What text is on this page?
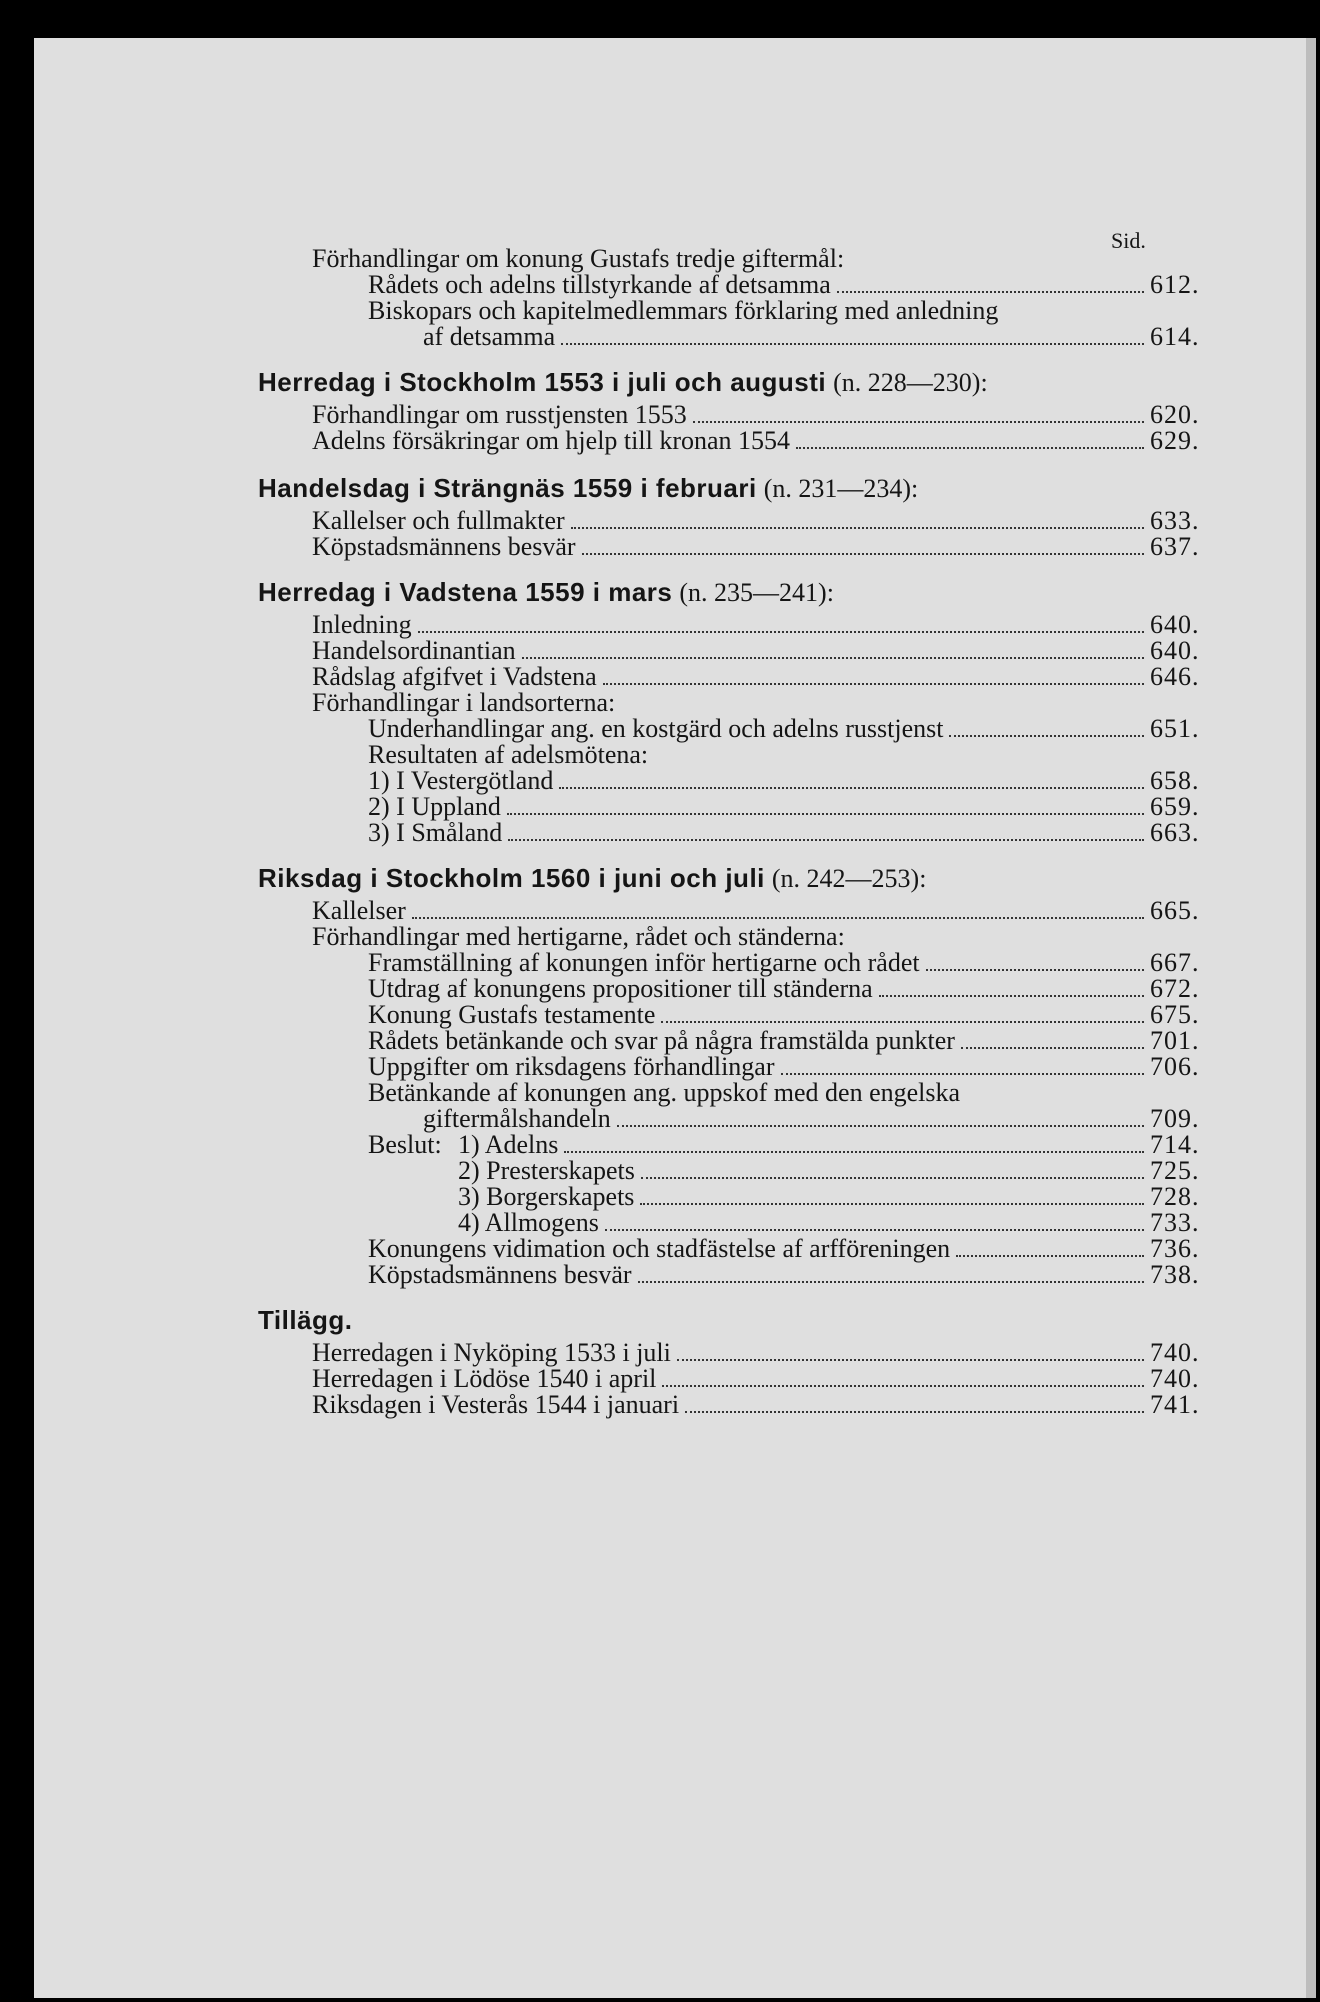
Sid.
Förhandlingar om konung Gustafs tredje giftermål:
Rådets och adelns tillstyrkande af detsamma	612.
Biskopars och kapitelmedlemmars förklaring med anledning
af detsamma	614.
Herredag i Stockholm 1553 i juli och augusti (n. 228—230):
Förhandlingar om russtjensten 1553	620.
Adelns försäkringar om hjelp till kronan 1554	629.
Handelsdag i Strängnäs 1559 i februari (n. 231—234):
Kallelser och fullmakter	633.
Köpstadsmännens besvär	637.
Herredag i Vadstena 1559 i mars (n. 235—241):
Inledning	640.
Handelsordinantian	640.
Rådslag afgifvet i Vadstena	646.
Förhandlingar i landsorterna:
Underhandlingar ang. en kostgärd och adelns russtjenst	651.
Resultaten af adelsmötena:
1) I Vestergötland	658.
2) I Uppland	659.
3) I Småland	663.
Riksdag i Stockholm 1560 i juni och juli (n. 242—253):
Kallelser	665.
Förhandlingar med hertigarne, rådet och ständerna:
Framställning af konungen inför hertigarne och rådet	667.
Utdrag af konungens propositioner till ständerna	672.
Konung Gustafs testamente	675.
Rådets betänkande och svar på några framstälda punkter	701.
Uppgifter om riksdagens förhandlingar	706.
Betänkande af konungen ang. uppskof med den engelska
giftermålshandeln	709.
Beslut: 1) Adelns	714.
2) Presterskapets	725.
3) Borgerskapets	728.
4) Allmogens	733.
Konungens vidimation och stadfästelse af arfföreningen	736.
Köpstadsmännens besvär	738.
Tillägg.
Herredagen i Nyköping 1533 i juli	740.
Herredagen i Lödöse 1540 i april	740.
Riksdagen i Vesterås 1544 i januari	741.
